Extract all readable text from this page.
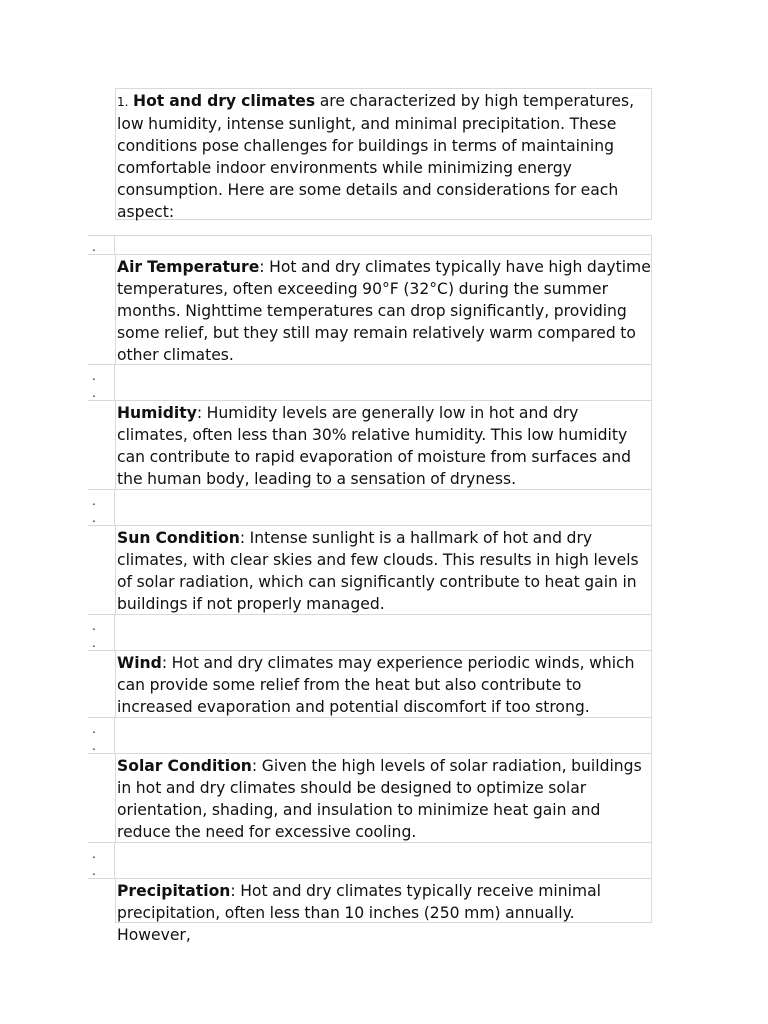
1. Hot and dry climates are characterized by high temperatures, low humidity, intense sunlight, and minimal precipitation. These conditions pose challenges for buildings in terms of maintaining comfortable indoor environments while minimizing energy consumption. Here are some details and considerations for each aspect:
.
Air Temperature: Hot and dry climates typically have high daytime temperatures, often exceeding 90°F (32°C) during the summer months. Nighttime temperatures can drop significantly, providing some relief, but they still may remain relatively warm compared to other climates.
.
.
Humidity: Humidity levels are generally low in hot and dry climates, often less than 30% relative humidity. This low humidity can contribute to rapid evaporation of moisture from surfaces and the human body, leading to a sensation of dryness.
.
.
Sun Condition: Intense sunlight is a hallmark of hot and dry climates, with clear skies and few clouds. This results in high levels of solar radiation, which can significantly contribute to heat gain in buildings if not properly managed.
.
.
Wind: Hot and dry climates may experience periodic winds, which can provide some relief from the heat but also contribute to increased evaporation and potential discomfort if too strong.
.
.
Solar Condition: Given the high levels of solar radiation, buildings in hot and dry climates should be designed to optimize solar orientation, shading, and insulation to minimize heat gain and reduce the need for excessive cooling.
.
.
Precipitation: Hot and dry climates typically receive minimal precipitation, often less than 10 inches (250 mm) annually. However,
